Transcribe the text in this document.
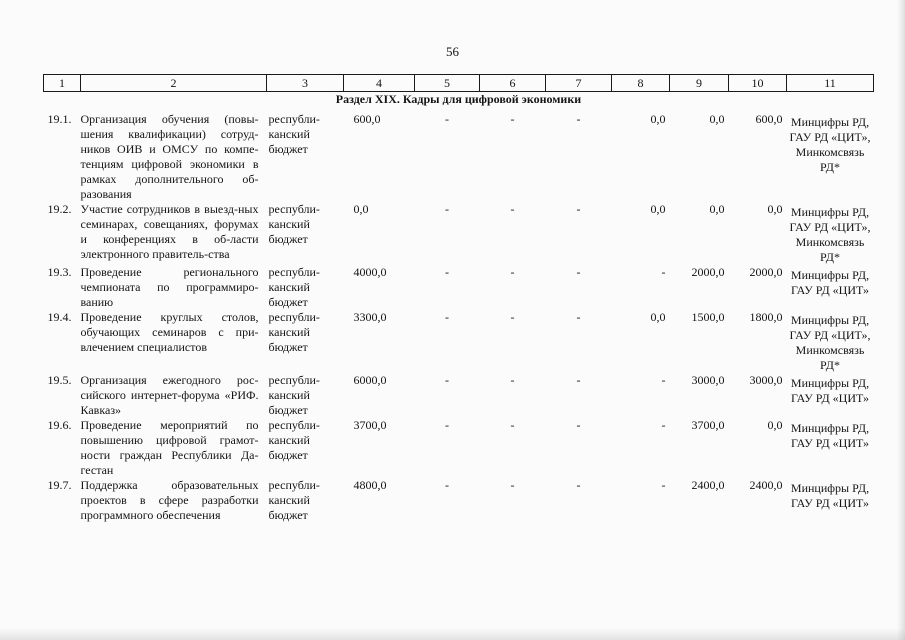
56
1	2	3	4	5	6	7	8	9	10	11
Раздел XIX. Кадры для цифровой экономики										
19.1.	Организация обучения (повы-шения квалификации) сотруд-ников ОИВ и ОМСУ по компе-тенциям цифровой экономики в рамках дополнительного об-разования	республи-канский бюджет	600,0	-	-	-	0,0	0,0	600,0	Минцифры РД, ГАУ РД «ЦИТ», Минкомсвязь РД*
19.2.	Участие сотрудников в выезд-ных семинарах, совещаниях, форумах и конференциях в об-ласти электронного правитель-ства	республи-канский бюджет	0,0	-	-	-	0,0	0,0	0,0	Минцифры РД, ГАУ РД «ЦИТ», Минкомсвязь РД*
19.3.	Проведение регионального чемпионата по программиро-ванию	республи-канский бюджет	4000,0	-	-	-	-	2000,0	2000,0	Минцифры РД, ГАУ РД «ЦИТ»
19.4.	Проведение круглых столов, обучающих семинаров с при-влечением специалистов	республи-канский бюджет	3300,0	-	-	-	0,0	1500,0	1800,0	Минцифры РД, ГАУ РД «ЦИТ», Минкомсвязь РД*
19.5.	Организация ежегодного рос-сийского интернет-форума «РИФ. Кавказ»	республи-канский бюджет	6000,0	-	-	-	-	3000,0	3000,0	Минцифры РД, ГАУ РД «ЦИТ»
19.6.	Проведение мероприятий по повышению цифровой грамот-ности граждан Республики Да-гестан	республи-канский бюджет	3700,0	-	-	-	-	3700,0	0,0	Минцифры РД, ГАУ РД «ЦИТ»
19.7.	Поддержка образовательных проектов в сфере разработки программного обеспечения	республи-канский бюджет	4800,0	-	-	-	-	2400,0	2400,0	Минцифры РД, ГАУ РД «ЦИТ»
